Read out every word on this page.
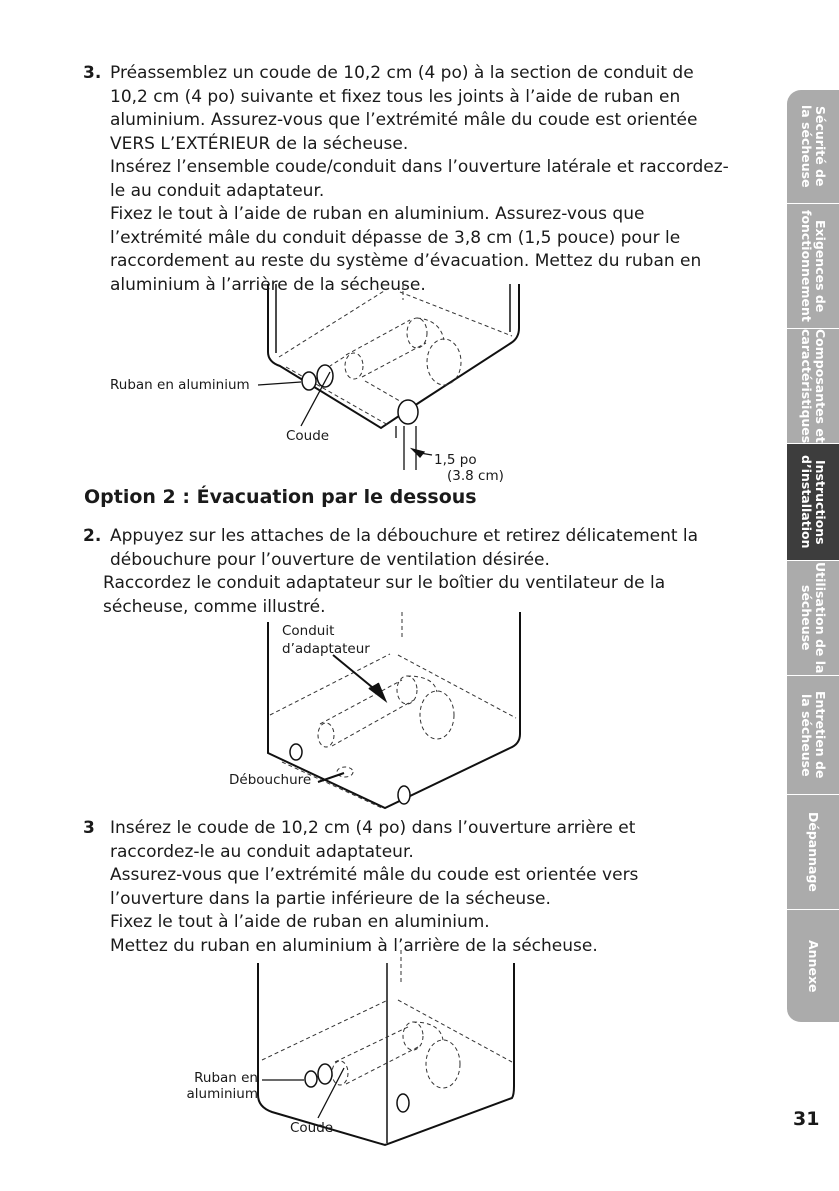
3. Préassemblez un coude de 10,2 cm (4 po) à la section de conduit de

10,2 cm (4 po) suivante et fixez tous les joints à l’aide de ruban en

aluminium. Assurez-vous que l’extrémité mâle du coude est orientée

VERS L’EXTÉRIEUR de la sécheuse.

Insérez l’ensemble coude/conduit dans l’ouverture latérale et raccordez-

le au conduit adaptateur.

Fixez le tout à l’aide de ruban en aluminium. Assurez-vous que

l’extrémité mâle du conduit dépasse de 3,8 cm (1,5 pouce) pour le

raccordement au reste du système d’évacuation. Mettez du ruban en

aluminium à l’arrière de la sécheuse.

Ruban en aluminium
Coude
1,5 po
(3.8 cm)
Option 2 : Évacuation par le dessous
2. Appuyez sur les attaches de la débouchure et retirez délicatement la

débouchure pour l’ouverture de ventilation désirée.

Raccordez le conduit adaptateur sur le boîtier du ventilateur de la

sécheuse, comme illustré.

Conduit
d’adaptateur
Débouchure
3 Insérez le coude de 10,2 cm (4 po) dans l’ouverture arrière et

raccordez-le au conduit adaptateur.

Assurez-vous que l’extrémité mâle du coude est orientée vers

l’ouverture dans la partie inférieure de la sécheuse.

Fixez le tout à l’aide de ruban en aluminium.

Mettez du ruban en aluminium à l’arrière de la sécheuse.

Ruban en
aluminium
Coude
Sécurité de
la sécheuse
Exigences de
fonctionnement
Composantes et
caractéristiques
Instructions
d’installation
Utilisation de la
sécheuse
Entretien de
la sécheuse
Dépannage
Annexe
31
